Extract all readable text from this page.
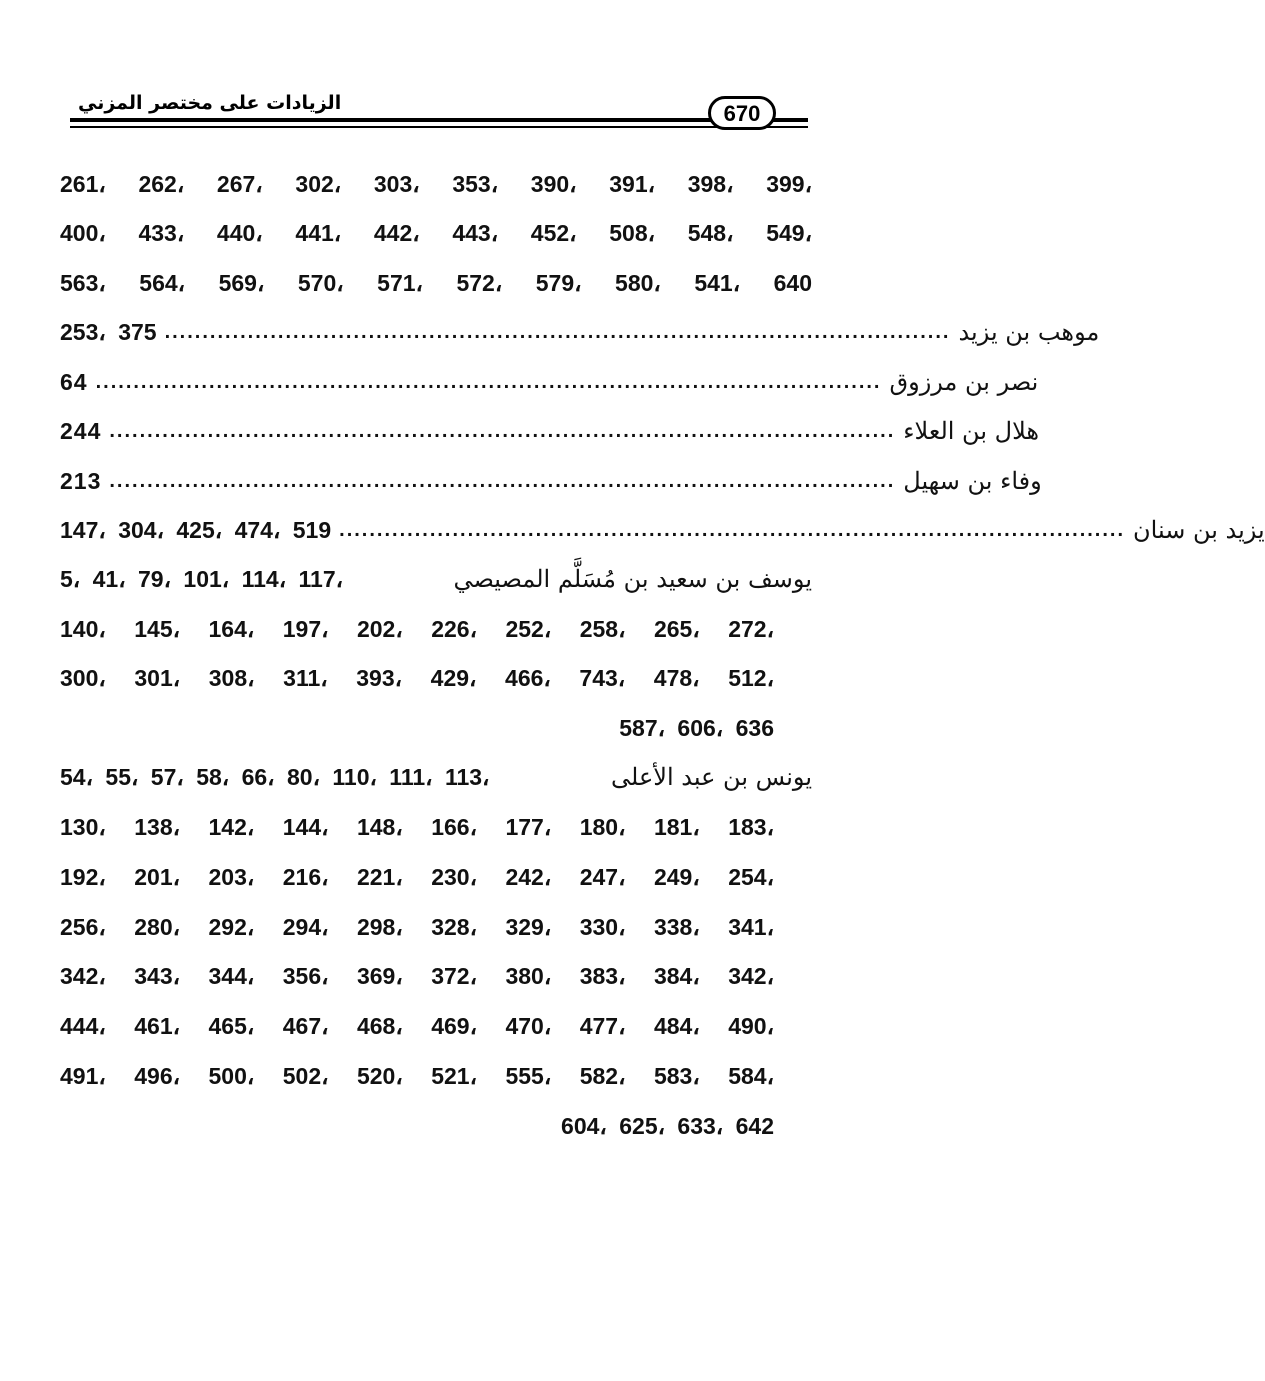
الزيادات على مختصر المزني	670
261، 262، 267، 302، 303، 353، 390، 391، 398، 399،
400، 433، 440، 441، 442، 443، 452، 508، 548، 549،
563، 564، 569، 570، 571، 572، 579، 580، 541، 640
253، 375 ........................................................................................................ موهب بن يزيد
64 ........................................................................................................ نصر بن مرزوق
244 ........................................................................................................ هلال بن العلاء
213 ........................................................................................................ وفاء بن سهيل
147، 304، 425، 474، 519 ........................................................................................................ يزيد بن سنان
5، 41، 79، 101، 114، 117،	يوسف بن سعيد بن مُسَلَّم المصيصي
140، 145، 164، 197، 202، 226، 252، 258، 265، 272،
300، 301، 308، 311، 393، 429، 466، 743، 478، 512،
587، 606، 636
54، 55، 57، 58، 66، 80، 110، 111، 113،	يونس بن عبد الأعلى
130، 138، 142، 144، 148، 166، 177، 180، 181، 183،
192، 201، 203، 216، 221، 230، 242، 247، 249، 254،
256، 280، 292، 294، 298، 328، 329، 330، 338، 341،
342، 343، 344، 356، 369، 372، 380، 383، 384، 342،
444، 461، 465، 467، 468، 469، 470، 477، 484، 490،
491، 496، 500، 502، 520، 521، 555، 582، 583، 584،
604، 625، 633، 642
